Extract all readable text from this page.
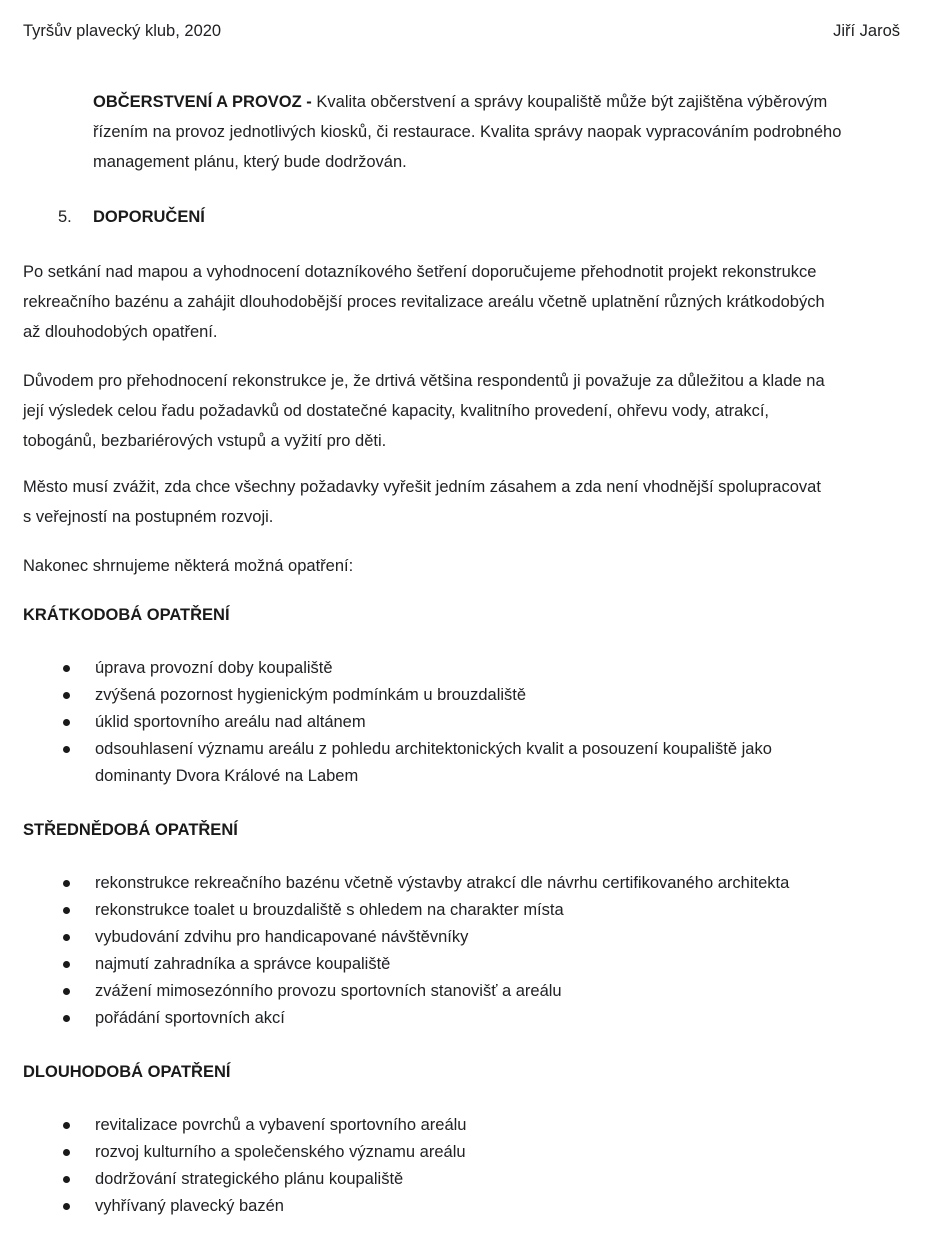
Tyršův plavecký klub, 2020	Jiří Jaroš

OBČERSTVENÍ A PROVOZ - Kvalita občerstvení a správy koupaliště může být zajištěna výběrovým řízením na provoz jednotlivých kiosků, či restaurace. Kvalita správy naopak vypracováním podrobného management plánu, který bude dodržován.

5. DOPORUČENÍ

Po setkání nad mapou a vyhodnocení dotazníkového šetření doporučujeme přehodnotit projekt rekonstrukce rekreačního bazénu a zahájit dlouhodobější proces revitalizace areálu včetně uplatnění různých krátkodobých až dlouhodobých opatření.

Důvodem pro přehodnocení rekonstrukce je, že drtivá většina respondentů ji považuje za důležitou a klade na její výsledek celou řadu požadavků od dostatečné kapacity, kvalitního provedení, ohřevu vody, atrakcí, tobogánů, bezbariérových vstupů a vyžití pro děti.

Město musí zvážit, zda chce všechny požadavky vyřešit jedním zásahem a zda není vhodnější spolupracovat s veřejností na postupném rozvoji.

Nakonec shrnujeme některá možná opatření:

KRÁTKODOBÁ OPATŘENÍ
úprava provozní doby koupaliště
zvýšená pozornost hygienickým podmínkám u brouzdaliště
úklid sportovního areálu nad altánem
odsouhlasení významu areálu z pohledu architektonických kvalit a posouzení koupaliště jako dominanty Dvora Králové na Labem
STŘEDNĚDOBÁ OPATŘENÍ
rekonstrukce rekreačního bazénu včetně výstavby atrakcí dle návrhu certifikovaného architekta
rekonstrukce toalet u brouzdaliště s ohledem na charakter místa
vybudování zdvihu pro handicapované návštěvníky
najmutí zahradníka a správce koupaliště
zvážení mimosezónního provozu sportovních stanovišť a areálu
pořádání sportovních akcí
DLOUHODOBÁ OPATŘENÍ
revitalizace povrchů a vybavení sportovního areálu
rozvoj kulturního a společenského významu areálu
dodržování strategického plánu koupaliště
vyhřívaný plavecký bazén
